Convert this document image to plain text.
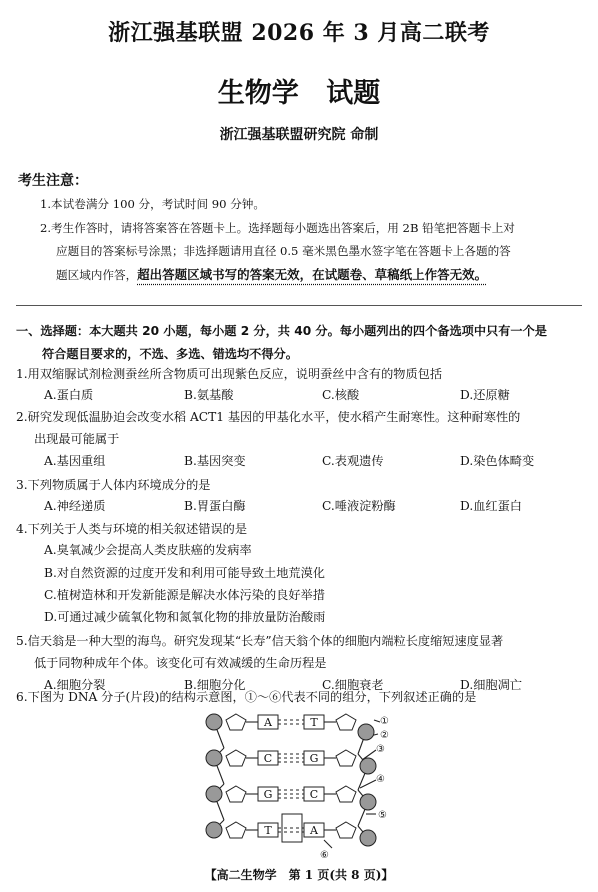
浙江强基联盟 2026 年 3 月高二联考
生物学 试题
浙江强基联盟研究院 命制
考生注意：
1.本试卷满分 100 分，考试时间 90 分钟。
2.考生作答时，请将答案答在答题卡上。选择题每小题选出答案后，用 2B 铅笔把答题卡上对
应题目的答案标号涂黑；非选择题请用直径 0.5 毫米黑色墨水签字笔在答题卡上各题的答
题区域内作答，超出答题区域书写的答案无效，在试题卷、草稿纸上作答无效。
一、选择题：本大题共 20 小题，每小题 2 分，共 40 分。每小题列出的四个备选项中只有一个是
符合题目要求的，不选、多选、错选均不得分。
1.用双缩脲试剂检测蚕丝所含物质可出现紫色反应，说明蚕丝中含有的物质包括
A.蛋白质	B.氨基酸	C.核酸	D.还原糖
2.研究发现低温胁迫会改变水稻 ACT1 基因的甲基化水平，使水稻产生耐寒性。这种耐寒性的
出现最可能属于
A.基因重组	B.基因突变	C.表观遗传	D.染色体畸变
3.下列物质属于人体内环境成分的是
A.神经递质	B.胃蛋白酶	C.唾液淀粉酶	D.血红蛋白
4.下列关于人类与环境的相关叙述错误的是
A.臭氧减少会提高人类皮肤癌的发病率
B.对自然资源的过度开发和利用可能导致土地荒漠化
C.植树造林和开发新能源是解决水体污染的良好举措
D.可通过减少硫氧化物和氮氧化物的排放量防治酸雨
5.信天翁是一种大型的海鸟。研究发现某“长寿”信天翁个体的细胞内端粒长度缩短速度显著
低于同物种成年个体。该变化可有效减缓的生命历程是
A.细胞分裂	B.细胞分化	C.细胞衰老	D.细胞凋亡
6.下图为 DNA 分子(片段)的结构示意图，①～⑥代表不同的组分，下列叙述正确的是
A
C
G
T
T
G
C
A
①
②
③
④
⑤
⑥
【高二生物学　第 1 页(共 8 页)】
